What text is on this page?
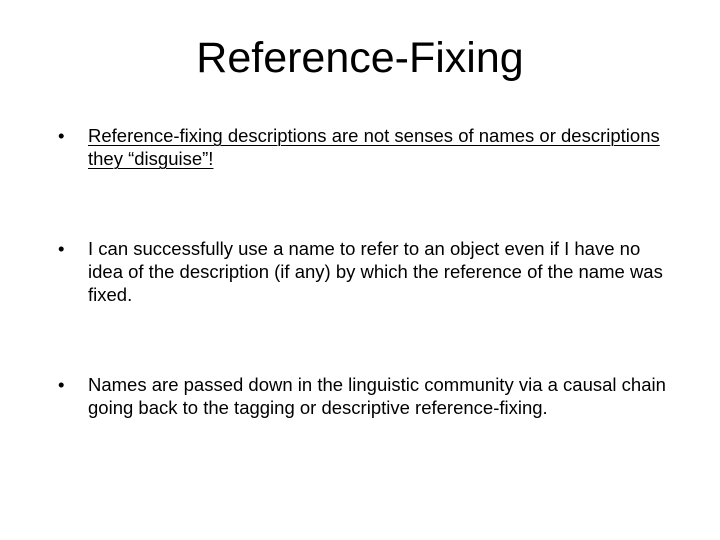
Reference-Fixing
•	Reference-fixing descriptions are not senses of names or descriptions they “disguise”!
•	I can successfully use a name to refer to an object even if I have no idea of the description (if any) by which the reference of the name was fixed.
•	Names are passed down in the linguistic community via a causal chain going back to the tagging or descriptive reference-fixing.
